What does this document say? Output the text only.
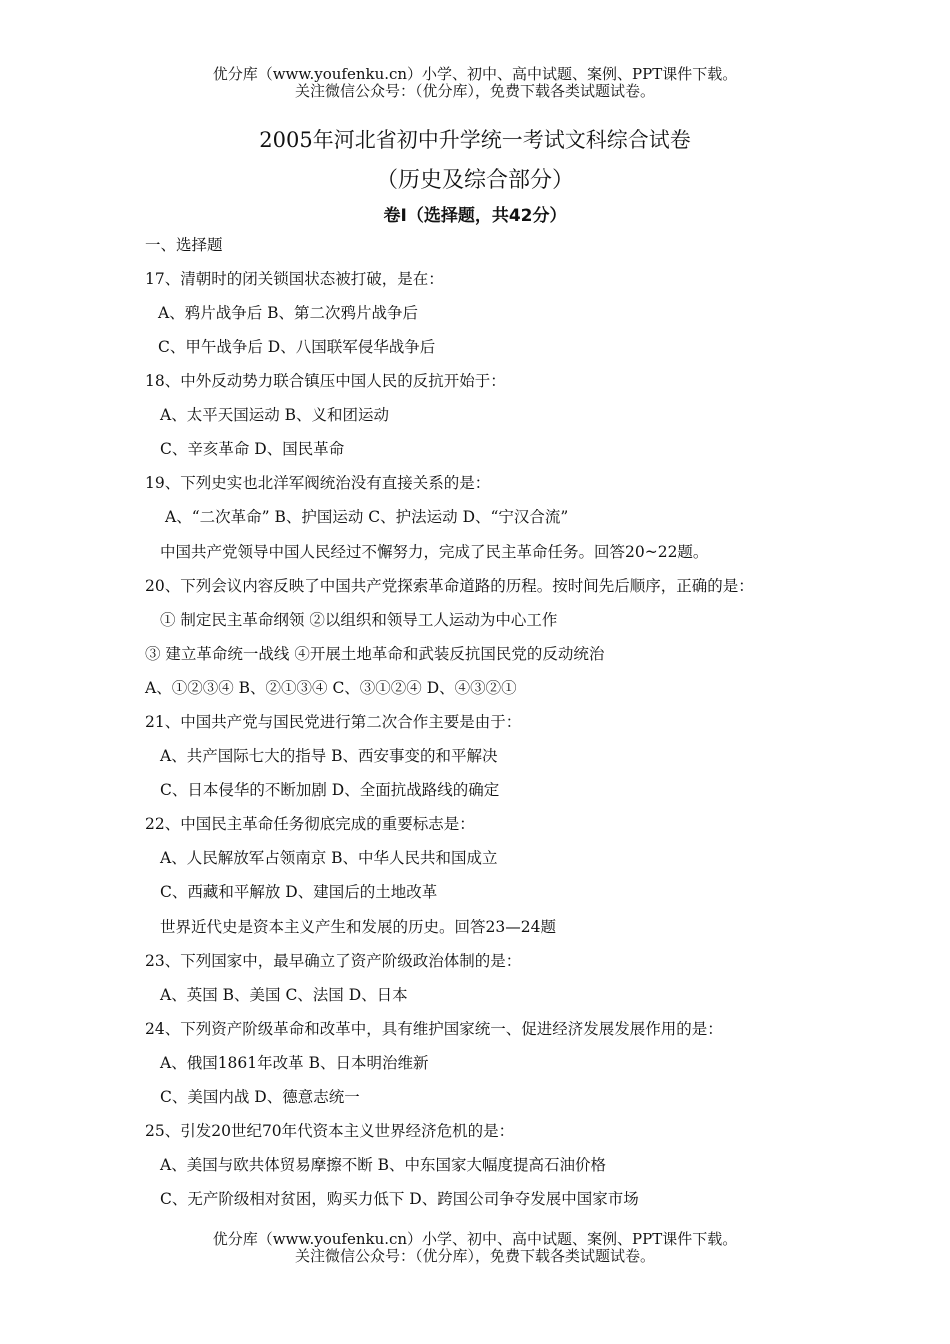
优分库（www.youfenku.cn）小学、初中、高中试题、案例、PPT课件下载。
关注微信公众号：（优分库），免费下载各类试题试卷。
2005年河北省初中升学统一考试文科综合试卷
（历史及综合部分）
卷Ⅰ（选择题，共42分）
一、选择题
17、清朝时的闭关锁国状态被打破，是在：
A、鸦片战争后 B、第二次鸦片战争后
C、甲午战争后 D、八国联军侵华战争后
18、中外反动势力联合镇压中国人民的反抗开始于：
A、太平天国运动 B、义和团运动
C、辛亥革命 D、国民革命
19、下列史实也北洋军阀统治没有直接关系的是：
A、“二次革命” B、护国运动 C、护法运动 D、“宁汉合流”
中国共产党领导中国人民经过不懈努力，完成了民主革命任务。回答20~22题。
20、下列会议内容反映了中国共产党探索革命道路的历程。按时间先后顺序，正确的是：
① 制定民主革命纲领 ②以组织和领导工人运动为中心工作
③ 建立革命统一战线 ④开展土地革命和武装反抗国民党的反动统治
A、①②③④ B、②①③④ C、③①②④ D、④③②①
21、中国共产党与国民党进行第二次合作主要是由于：
A、共产国际七大的指导 B、西安事变的和平解决
C、日本侵华的不断加剧 D、全面抗战路线的确定
22、中国民主革命任务彻底完成的重要标志是：
A、人民解放军占领南京 B、中华人民共和国成立
C、西藏和平解放 D、建国后的土地改革
世界近代史是资本主义产生和发展的历史。回答23—24题
23、下列国家中，最早确立了资产阶级政治体制的是：
A、英国 B、美国 C、法国 D、日本
24、下列资产阶级革命和改革中，具有维护国家统一、促进经济发展发展作用的是：
A、俄国1861年改革 B、日本明治维新
C、美国内战 D、德意志统一
25、引发20世纪70年代资本主义世界经济危机的是：
A、美国与欧共体贸易摩擦不断 B、中东国家大幅度提高石油价格
C、无产阶级相对贫困，购买力低下 D、跨国公司争夺发展中国家市场
优分库（www.youfenku.cn）小学、初中、高中试题、案例、PPT课件下载。
关注微信公众号：（优分库），免费下载各类试题试卷。
